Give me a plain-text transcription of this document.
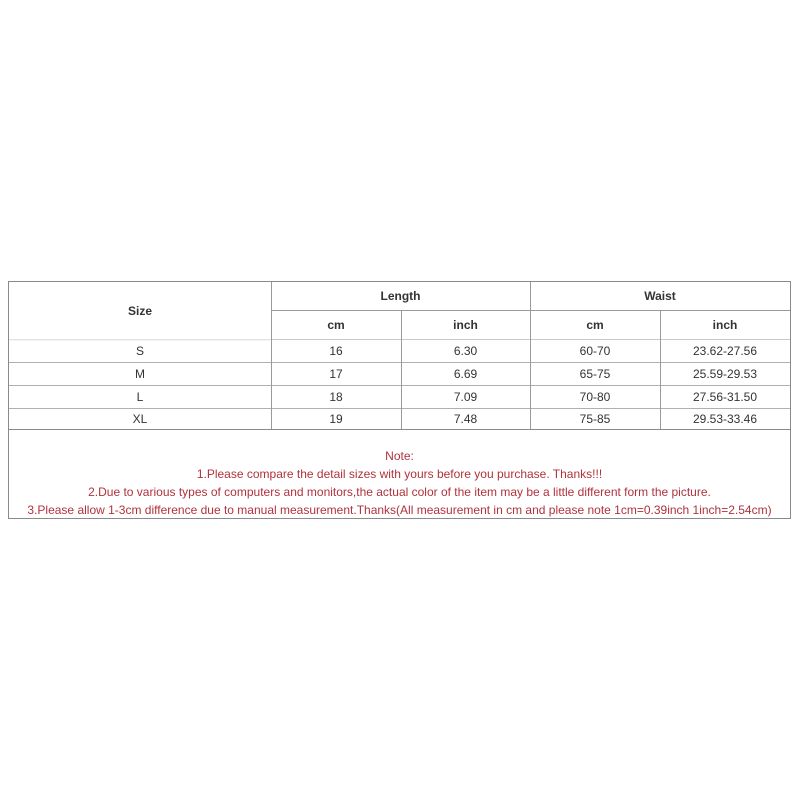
Size
Length	Waist
cm	inch	cm	inch
S	16	6.30	60-70	23.62-27.56
M	17	6.69	65-75	25.59-29.53
L	18	7.09	70-80	27.56-31.50
XL	19	7.48	75-85	29.53-33.46
Note:
1.Please compare the detail sizes with yours before you purchase. Thanks!!!
2.Due to various types of computers and monitors,the actual color of the item may be a little different form the picture.
3.Please allow 1-3cm difference due to manual measurement.Thanks(All measurement in cm and please note 1cm=0.39inch 1inch=2.54cm)
